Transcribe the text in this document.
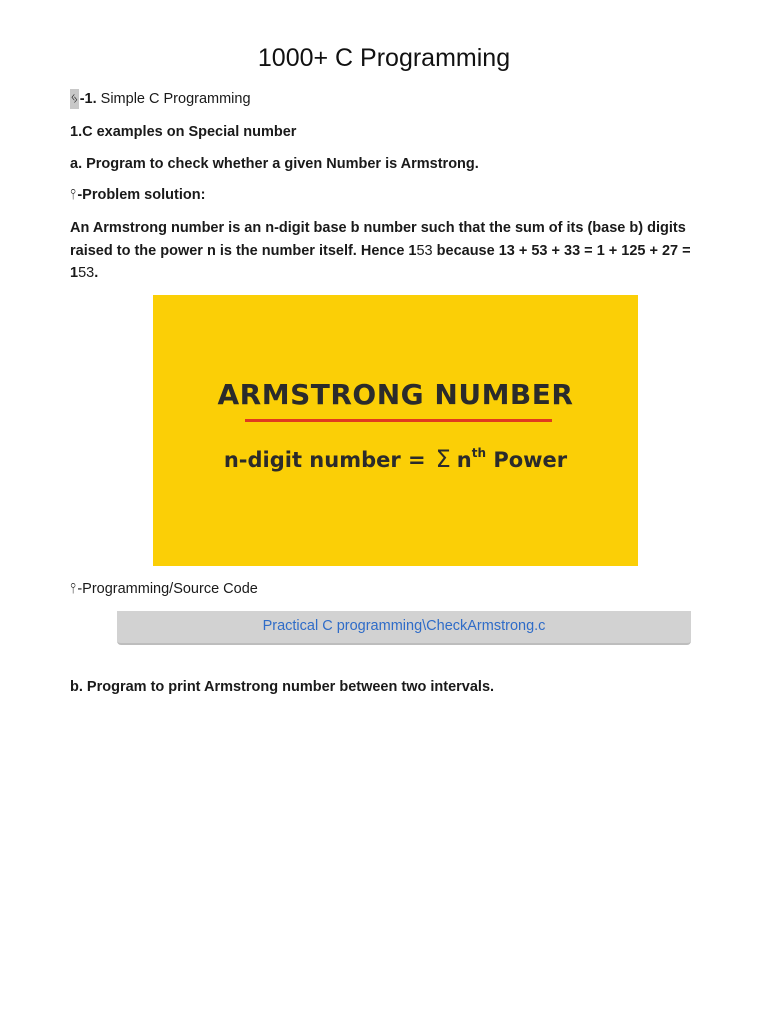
1000+ C Programming
ᛃ-1. Simple C Programming
1.C examples on Special number
a. Program to check whether a given Number is Armstrong.
⫯-Problem solution:
An Armstrong number is an n-digit base b number such that the sum of its (base b) digits raised to the power n is the number itself. Hence 153 because 13 + 53 + 33 = 1 + 125 + 27 = 153.
ARMSTRONG NUMBER
n-digit number = Σ $n^{th}$ Power
⫯-Programming/Source Code
Practical C programming\CheckArmstrong.c
b. Program to print Armstrong number between two intervals.
